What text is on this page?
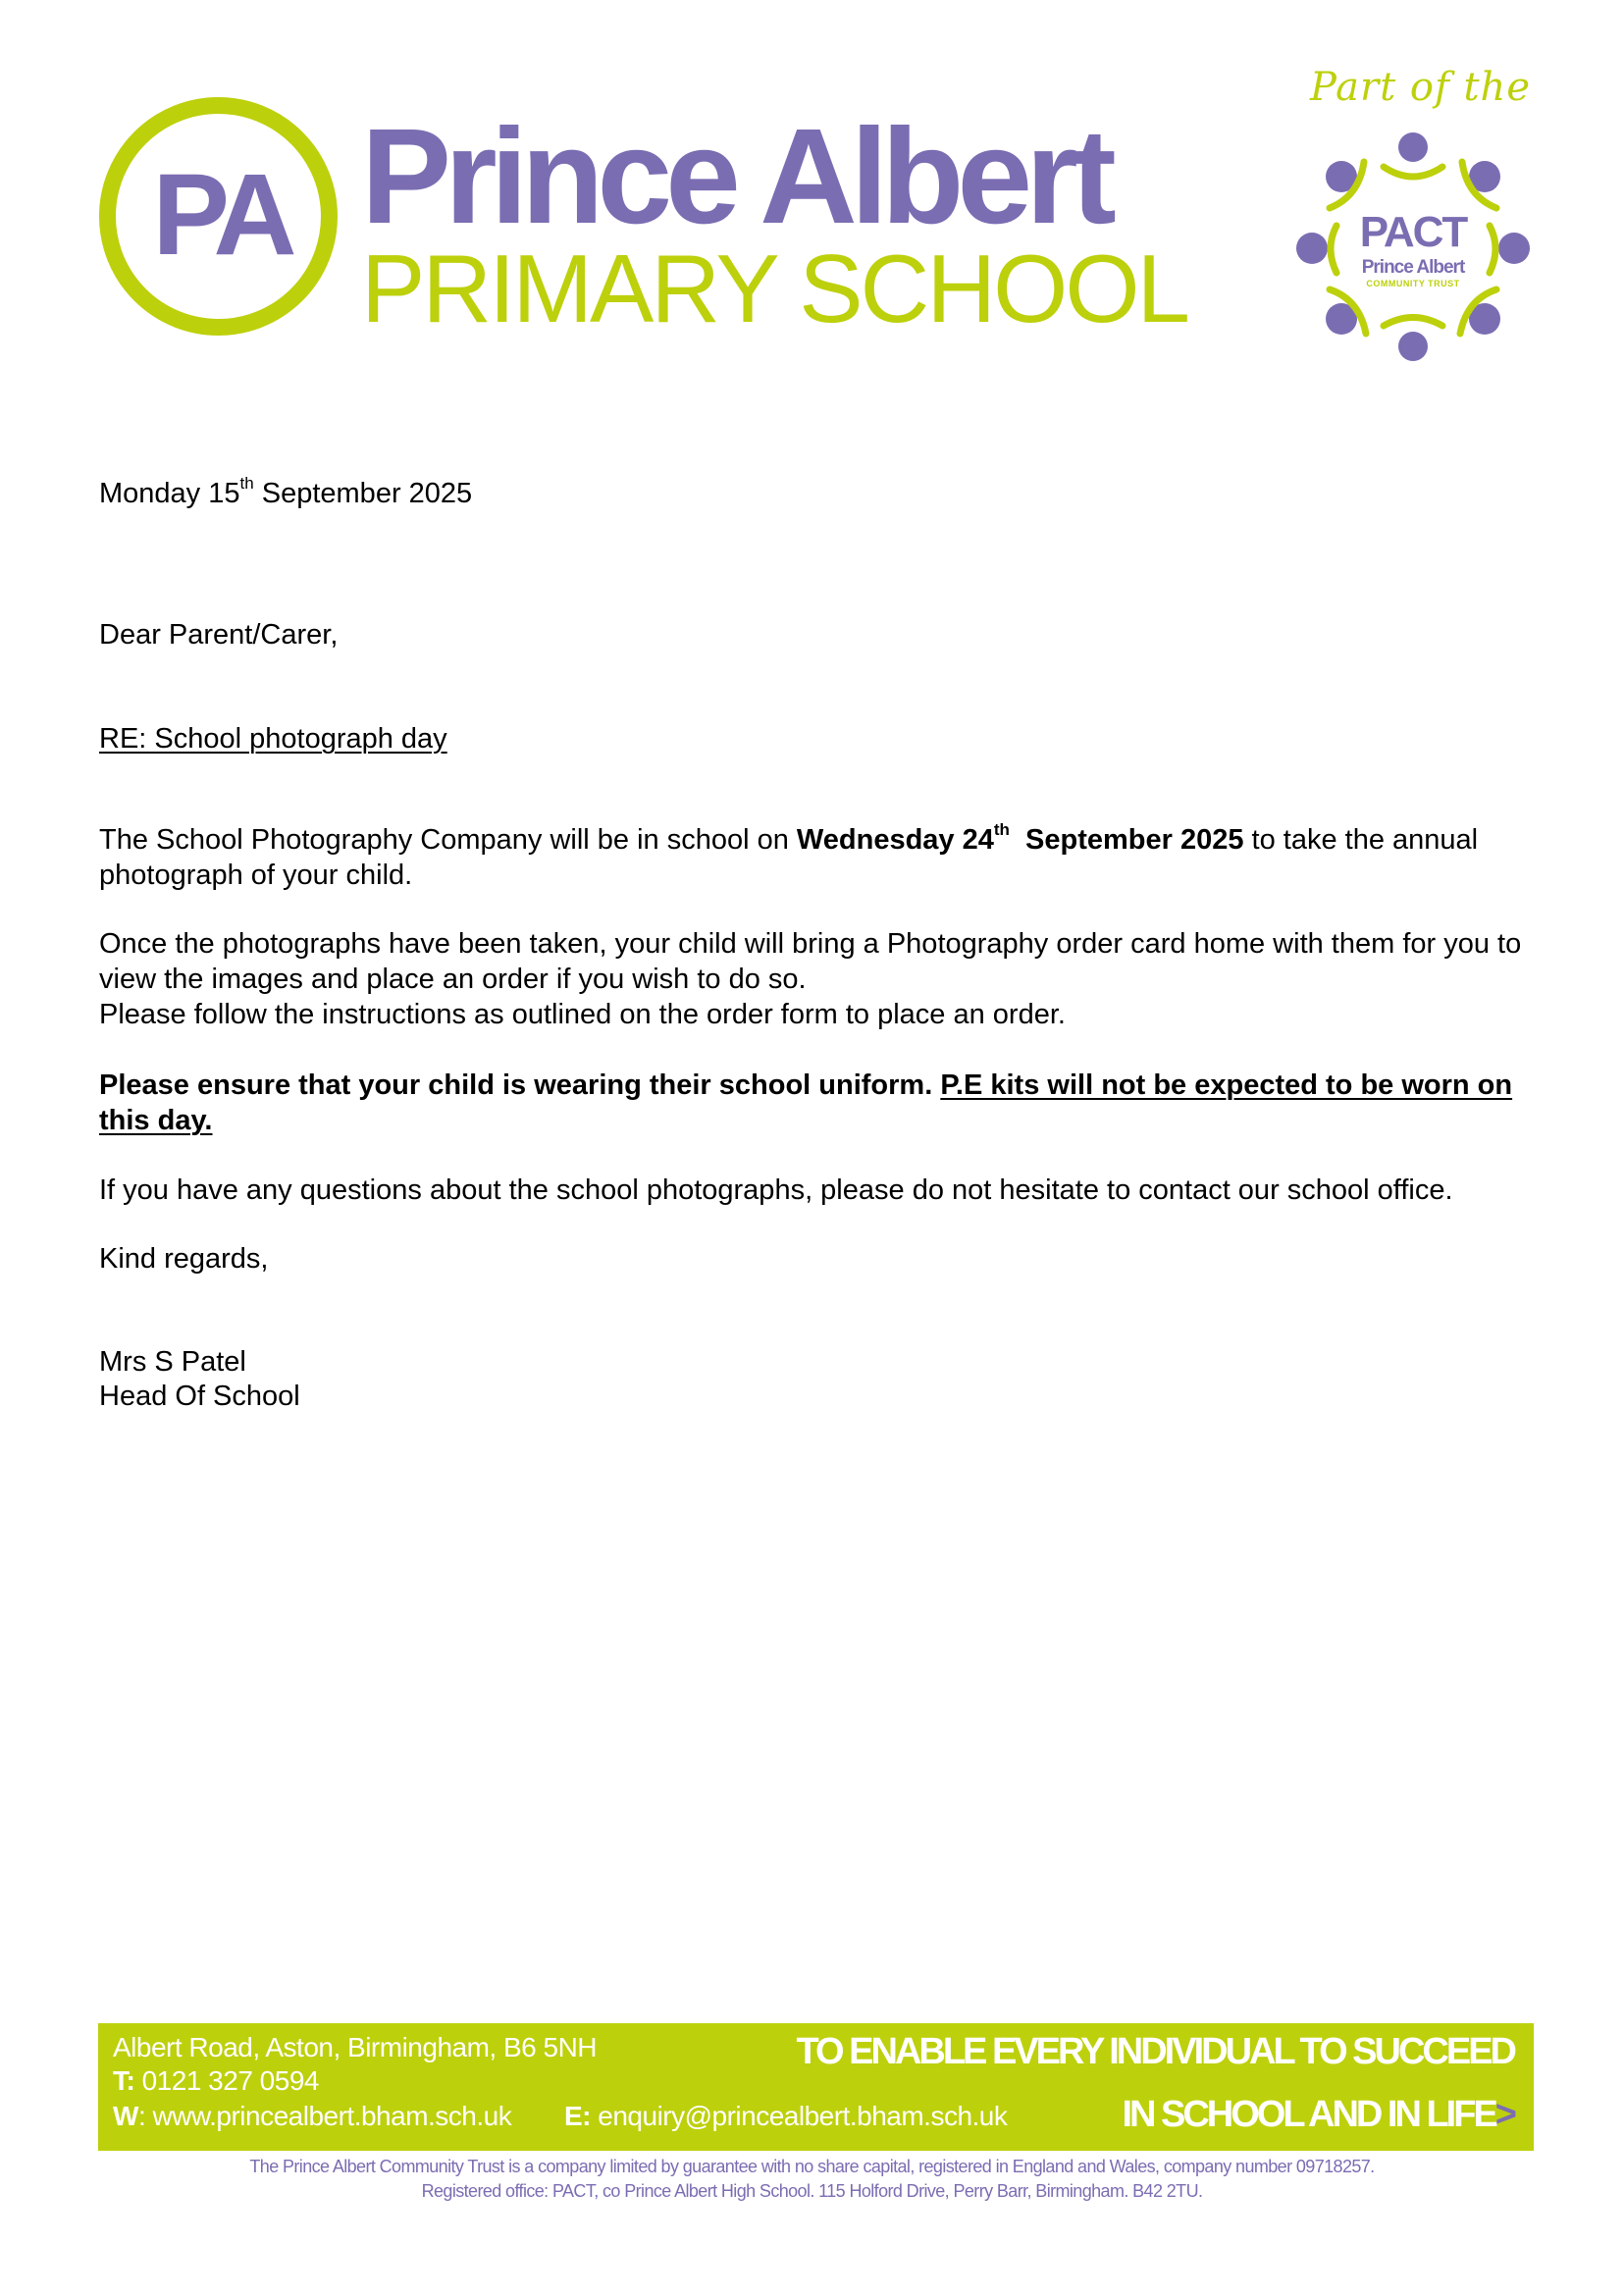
PA Prince Albert
PRIMARY SCHOOL
Part of the
PACT
Prince Albert
COMMUNITY TRUST
Monday 15th September 2025
Dear Parent/Carer,
RE: School photograph day
The School Photography Company will be in school on Wednesday 24th  September 2025 to take the annual photograph of your child.
Once the photographs have been taken, your child will bring a Photography order card home with them for you to view the images and place an order if you wish to do so.
Please follow the instructions as outlined on the order form to place an order.
Please ensure that your child is wearing their school uniform. P.E kits will not be expected to be worn on this day.
If you have any questions about the school photographs, please do not hesitate to contact our school office.
Kind regards,
Mrs S Patel
Head Of School
Albert Road, Aston, Birmingham, B6 5NH
T: 0121 327 0594
W: www.princealbert.bham.sch.uk E: enquiry@princealbert.bham.sch.uk
TO ENABLE EVERY INDIVIDUAL TO SUCCEED
IN SCHOOL AND IN LIFE>
The Prince Albert Community Trust is a company limited by guarantee with no share capital, registered in England and Wales, company number 09718257.
Registered office: PACT, co Prince Albert High School. 115 Holford Drive, Perry Barr, Birmingham. B42 2TU.
